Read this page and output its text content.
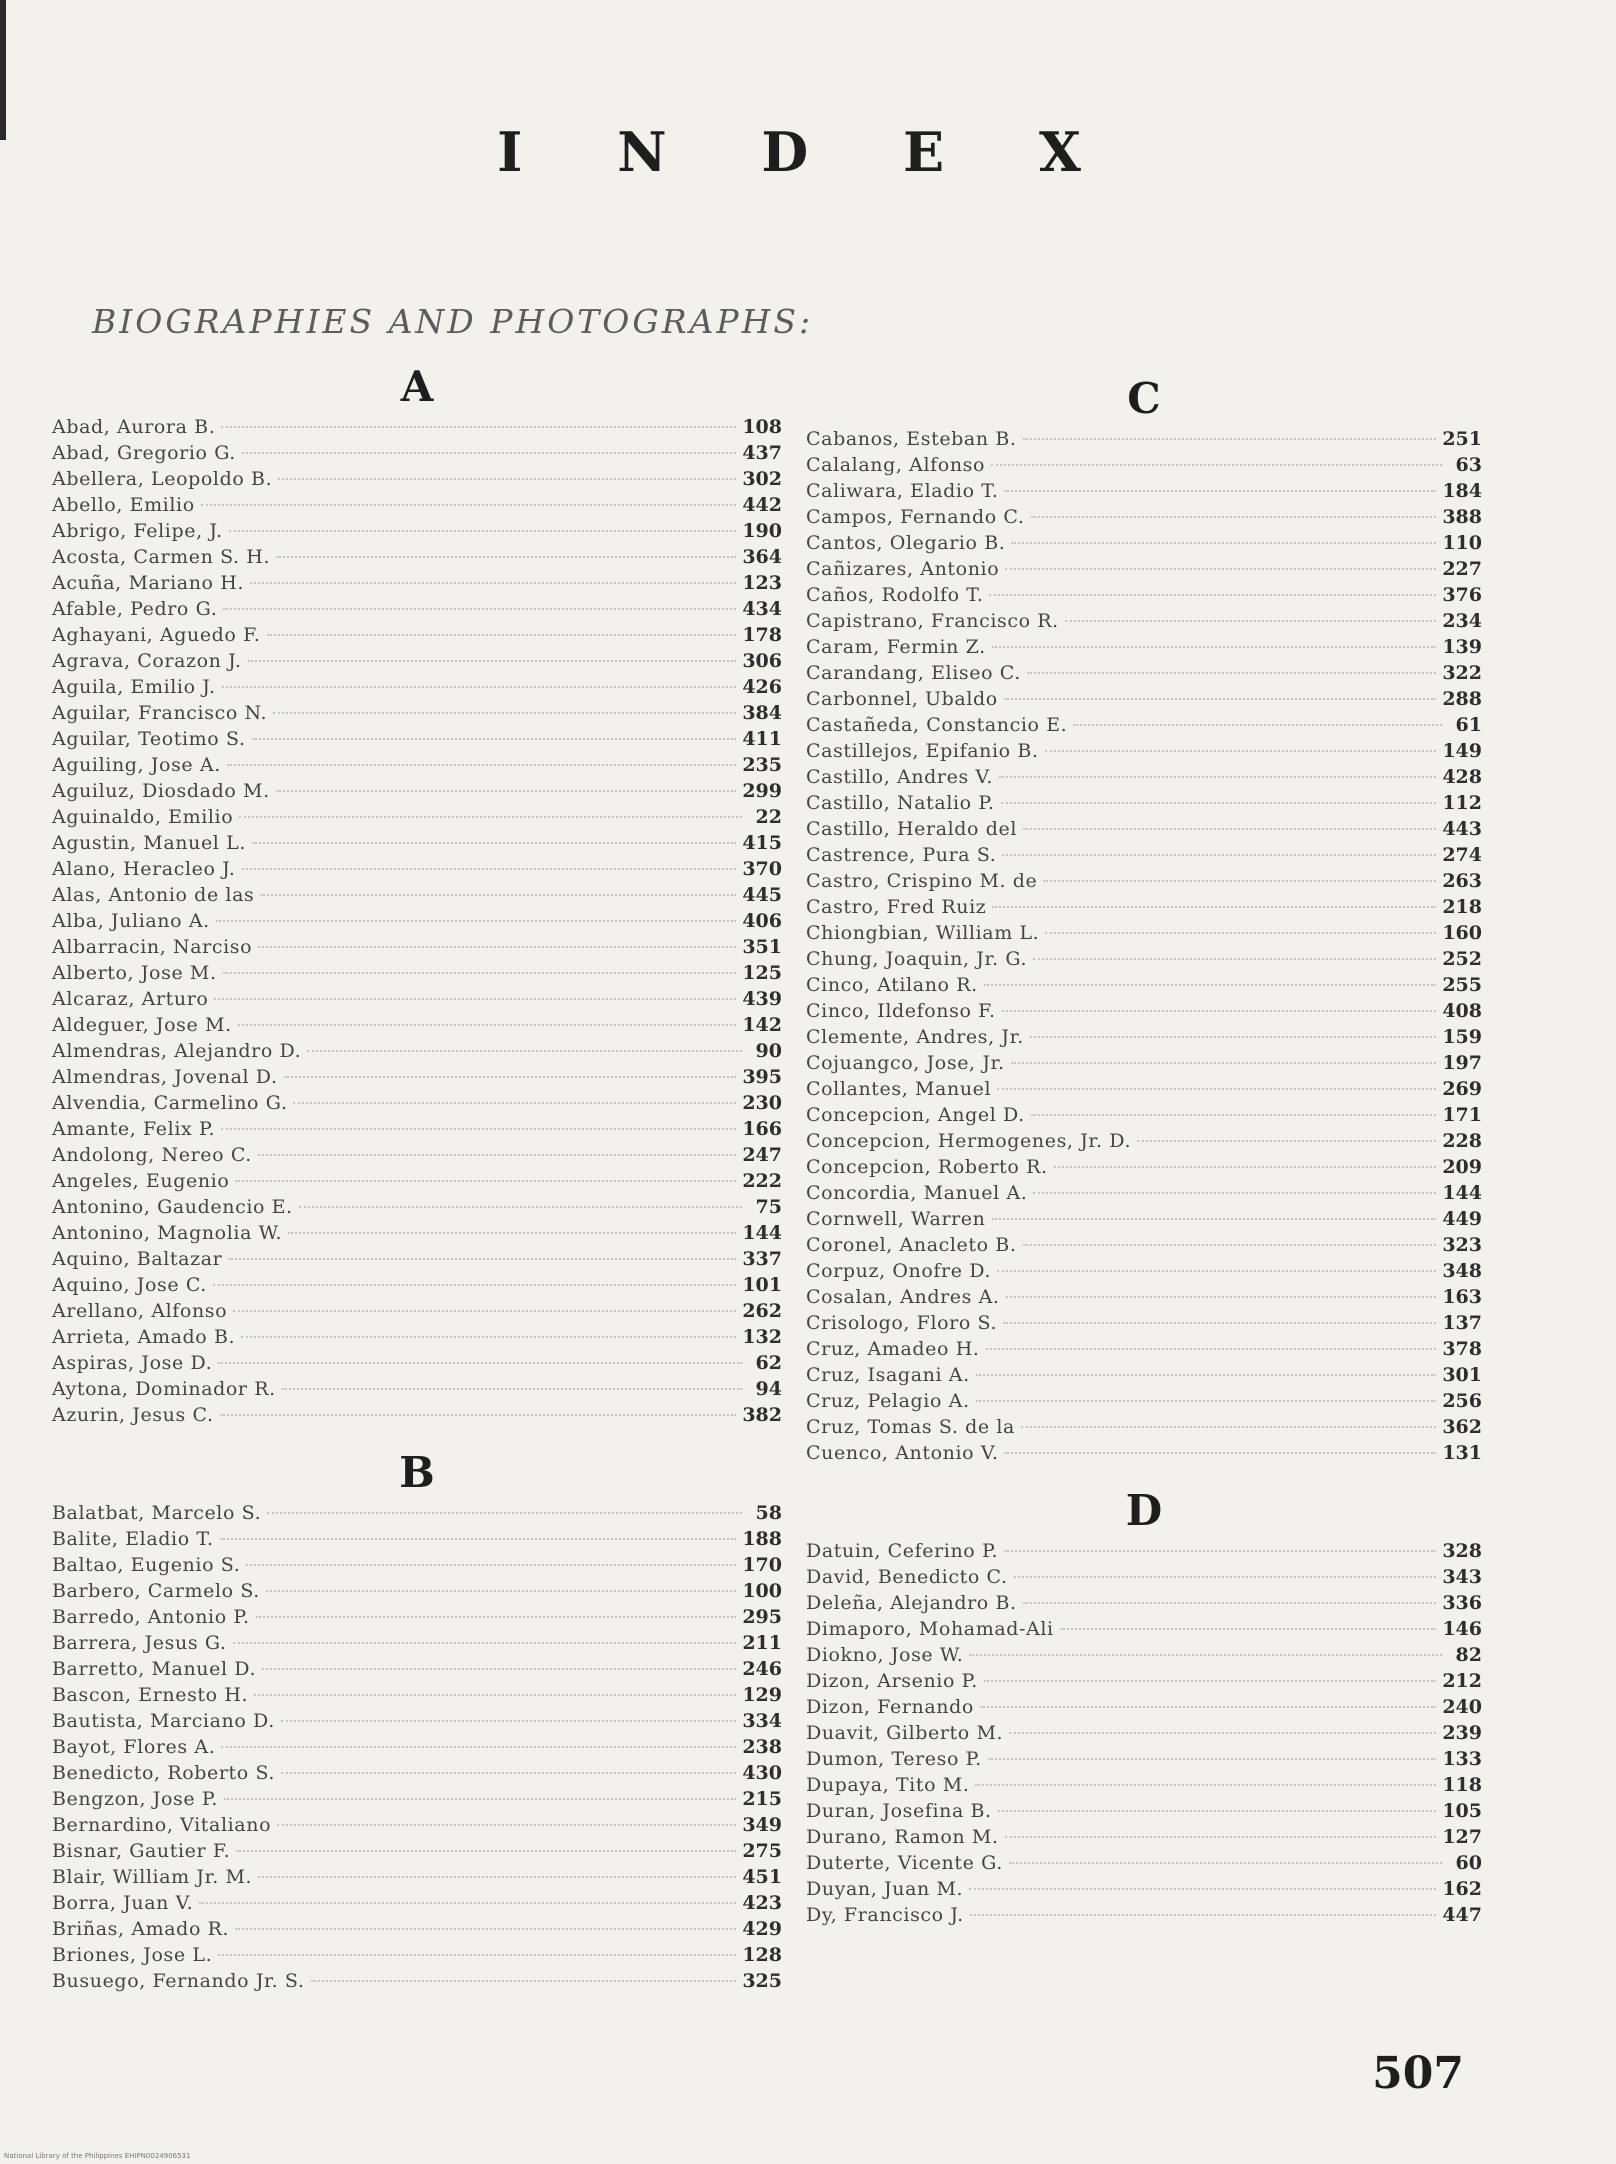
I N D E X
BIOGRAPHIES AND PHOTOGRAPHS:
A
Abad, Aurora B.	108
Abad, Gregorio G.	437
Abellera, Leopoldo B.	302
Abello, Emilio	442
Abrigo, Felipe, J.	190
Acosta, Carmen S. H.	364
Acuña, Mariano H.	123
Afable, Pedro G.	434
Aghayani, Aguedo F.	178
Agrava, Corazon J.	306
Aguila, Emilio J.	426
Aguilar, Francisco N.	384
Aguilar, Teotimo S.	411
Aguiling, Jose A.	235
Aguiluz, Diosdado M.	299
Aguinaldo, Emilio	22
Agustin, Manuel L.	415
Alano, Heracleo J.	370
Alas, Antonio de las	445
Alba, Juliano A.	406
Albarracin, Narciso	351
Alberto, Jose M.	125
Alcaraz, Arturo	439
Aldeguer, Jose M.	142
Almendras, Alejandro D.	90
Almendras, Jovenal D.	395
Alvendia, Carmelino G.	230
Amante, Felix P.	166
Andolong, Nereo C.	247
Angeles, Eugenio	222
Antonino, Gaudencio E.	75
Antonino, Magnolia W.	144
Aquino, Baltazar	337
Aquino, Jose C.	101
Arellano, Alfonso	262
Arrieta, Amado B.	132
Aspiras, Jose D.	62
Aytona, Dominador R.	94
Azurin, Jesus C.	382
B
Balatbat, Marcelo S.	58
Balite, Eladio T.	188
Baltao, Eugenio S.	170
Barbero, Carmelo S.	100
Barredo, Antonio P.	295
Barrera, Jesus G.	211
Barretto, Manuel D.	246
Bascon, Ernesto H.	129
Bautista, Marciano D.	334
Bayot, Flores A.	238
Benedicto, Roberto S.	430
Bengzon, Jose P.	215
Bernardino, Vitaliano	349
Bisnar, Gautier F.	275
Blair, William Jr. M.	451
Borra, Juan V.	423
Briñas, Amado R.	429
Briones, Jose L.	128
Busuego, Fernando Jr. S.	325
C
Cabanos, Esteban B.	251
Calalang, Alfonso	63
Caliwara, Eladio T.	184
Campos, Fernando C.	388
Cantos, Olegario B.	110
Cañizares, Antonio	227
Caños, Rodolfo T.	376
Capistrano, Francisco R.	234
Caram, Fermin Z.	139
Carandang, Eliseo C.	322
Carbonnel, Ubaldo	288
Castañeda, Constancio E.	61
Castillejos, Epifanio B.	149
Castillo, Andres V.	428
Castillo, Natalio P.	112
Castillo, Heraldo del	443
Castrence, Pura S.	274
Castro, Crispino M. de	263
Castro, Fred Ruiz	218
Chiongbian, William L.	160
Chung, Joaquin, Jr. G.	252
Cinco, Atilano R.	255
Cinco, Ildefonso F.	408
Clemente, Andres, Jr.	159
Cojuangco, Jose, Jr.	197
Collantes, Manuel	269
Concepcion, Angel D.	171
Concepcion, Hermogenes, Jr. D.	228
Concepcion, Roberto R.	209
Concordia, Manuel A.	144
Cornwell, Warren	449
Coronel, Anacleto B.	323
Corpuz, Onofre D.	348
Cosalan, Andres A.	163
Crisologo, Floro S.	137
Cruz, Amadeo H.	378
Cruz, Isagani A.	301
Cruz, Pelagio A.	256
Cruz, Tomas S. de la	362
Cuenco, Antonio V.	131
D
Datuin, Ceferino P.	328
David, Benedicto C.	343
Deleña, Alejandro B.	336
Dimaporo, Mohamad-Ali	146
Diokno, Jose W.	82
Dizon, Arsenio P.	212
Dizon, Fernando	240
Duavit, Gilberto M.	239
Dumon, Tereso P.	133
Dupaya, Tito M.	118
Duran, Josefina B.	105
Durano, Ramon M.	127
Duterte, Vicente G.	60
Duyan, Juan M.	162
Dy, Francisco J.	447
507
National Library of the Philippines EHIPN0024906531
